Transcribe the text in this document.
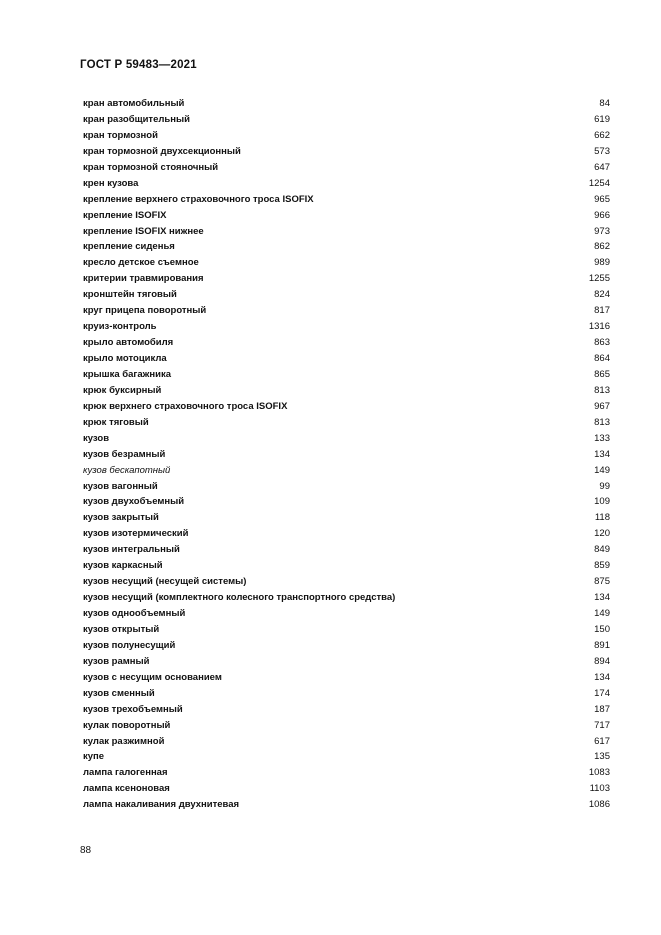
ГОСТ Р 59483—2021
кран автомобильный	84
кран разобщительный	619
кран тормозной	662
кран тормозной двухсекционный	573
кран тормозной стояночный	647
крен кузова	1254
крепление верхнего страховочного троса ISOFIX	965
крепление ISOFIX	966
крепление ISOFIX нижнее	973
крепление сиденья	862
кресло детское съемное	989
критерии травмирования	1255
кронштейн тяговый	824
круг прицепа поворотный	817
круиз-контроль	1316
крыло автомобиля	863
крыло мотоцикла	864
крышка багажника	865
крюк буксирный	813
крюк верхнего страховочного троса ISOFIX	967
крюк тяговый	813
кузов	133
кузов безрамный	134
кузов бескапотный	149
кузов вагонный	99
кузов двухобъемный	109
кузов закрытый	118
кузов изотермический	120
кузов интегральный	849
кузов каркасный	859
кузов несущий (несущей системы)	875
кузов несущий (комплектного колесного транспортного средства)	134
кузов однообъемный	149
кузов открытый	150
кузов полунесущий	891
кузов рамный	894
кузов с несущим основанием	134
кузов сменный	174
кузов трехобъемный	187
кулак поворотный	717
кулак разжимной	617
купе	135
лампа галогенная	1083
лампа ксеноновая	1103
лампа накаливания двухнитевая	1086
88
